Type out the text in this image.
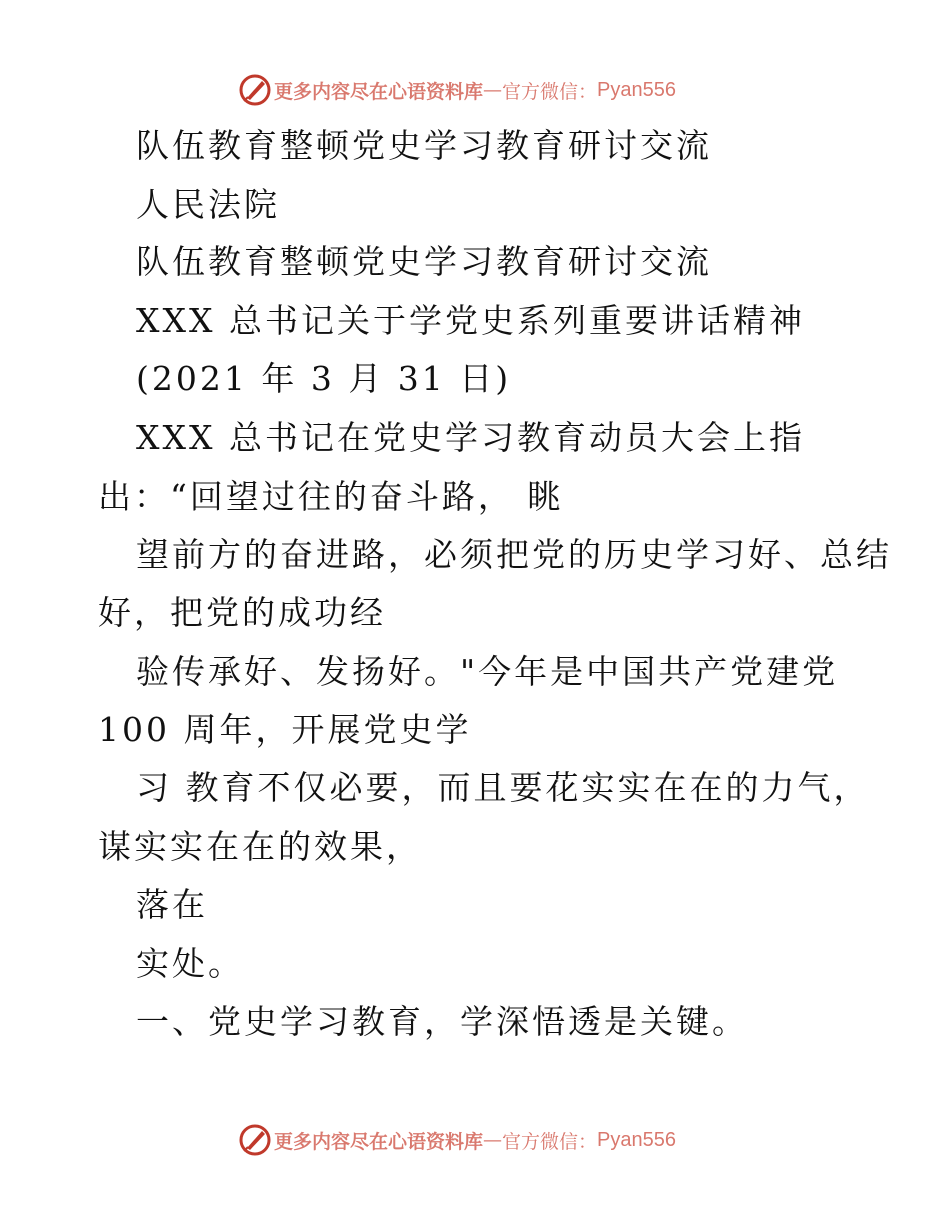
更多内容尽在心语资料库 — 官方微信： Pyan556
队伍教育整顿党史学习教育研讨交流
人民法院
队伍教育整顿党史学习教育研讨交流
XXX 总书记关于学党史系列重要讲话精神
(2021 年 3 月 31 日)
XXX 总书记在党史学习教育动员大会上指
出：“回望过往的奋斗路， 眺
望前方的奋进路，必须把党的历史学习好、总结
好，把党的成功经
验传承好、发扬好。"今年是中国共产党建党
100 周年，开展党史学
习 教育不仅必要，而且要花实实在在的力气，
谋实实在在的效果，
落在
实处。
一、党史学习教育，学深悟透是关键。
更多内容尽在心语资料库 — 官方微信： Pyan556
